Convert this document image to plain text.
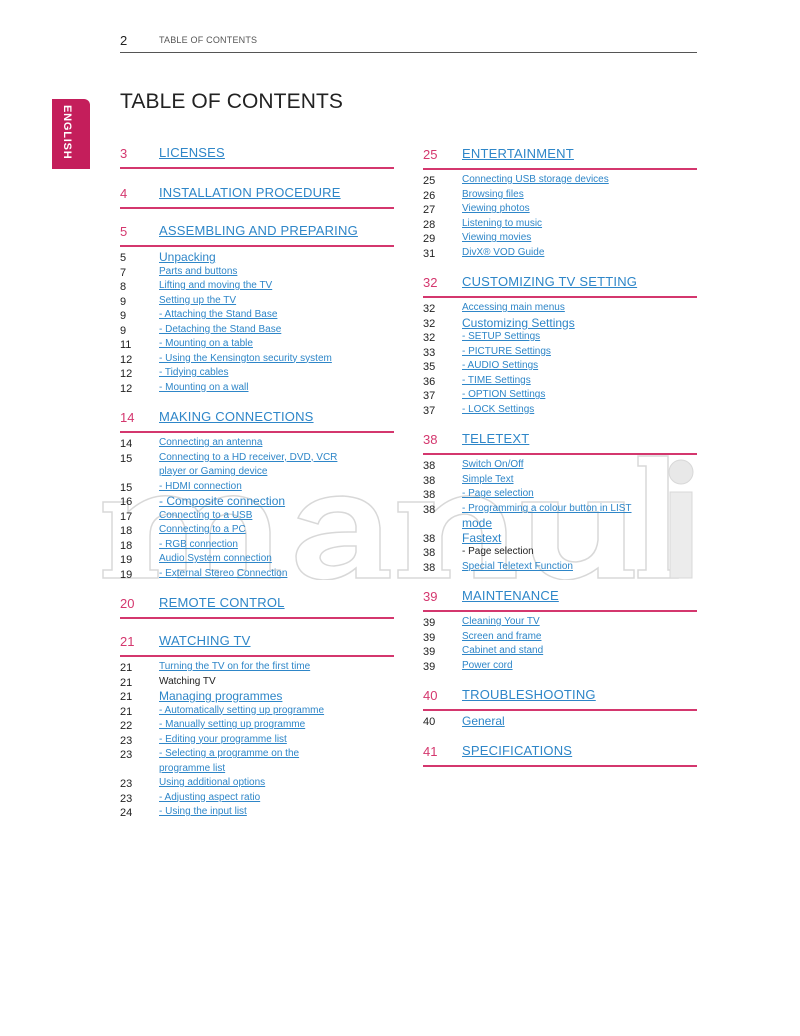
2	TABLE OF CONTENTS
ENGLISH
TABLE OF CONTENTS
3 LICENSES
4 INSTALLATION PROCEDURE
5 ASSEMBLING AND PREPARING
5	Unpacking
7	Parts and buttons
8	Lifting and moving the TV
9	Setting up the TV
9	- Attaching the Stand Base
9	- Detaching the Stand Base
11	- Mounting on a table
12	- Using the Kensington security system
12	- Tidying cables
12	- Mounting on a wall
14 MAKING CONNECTIONS
14	Connecting an antenna
15	Connecting to a HD receiver, DVD, VCR
player or Gaming device
15	- HDMI connection
16 - Composite connection
17	Connecting to a USB
18	Connecting to a PC
18	- RGB connection
19	Audio System connection
19	- External Stereo Connection
20 REMOTE CONTROL
21 WATCHING TV
21	Turning the TV on for the first time
21	Watching TV
21 Managing programmes
21	- Automatically setting up programme
22	- Manually setting up programme
23	- Editing your programme list
23	- Selecting a programme on the
programme list
23	Using additional options
23	- Adjusting aspect ratio
24	- Using the input list
25 ENTERTAINMENT
25	Connecting USB storage devices
26	Browsing files
27	Viewing photos
28	Listening to music
29	Viewing movies
31	DivX® VOD Guide
32 CUSTOMIZING TV SETTING
32	Accessing main menus
32 Customizing Settings
32	- SETUP Settings
33	- PICTURE Settings
35	- AUDIO Settings
36	- TIME Settings
37	- OPTION Settings
37	- LOCK Settings
38 TELETEXT
38	Switch On/Off
38	Simple Text
38	- Page selection
38	- Programming a colour button in LIST
mode
38 Fastext
38	- Page selection
38	Special Teletext Function
39 MAINTENANCE
39	Cleaning Your TV
39	Screen and frame
39	Cabinet and stand
39	Power cord
40 TROUBLESHOOTING
40 General
41 SPECIFICATIONS
